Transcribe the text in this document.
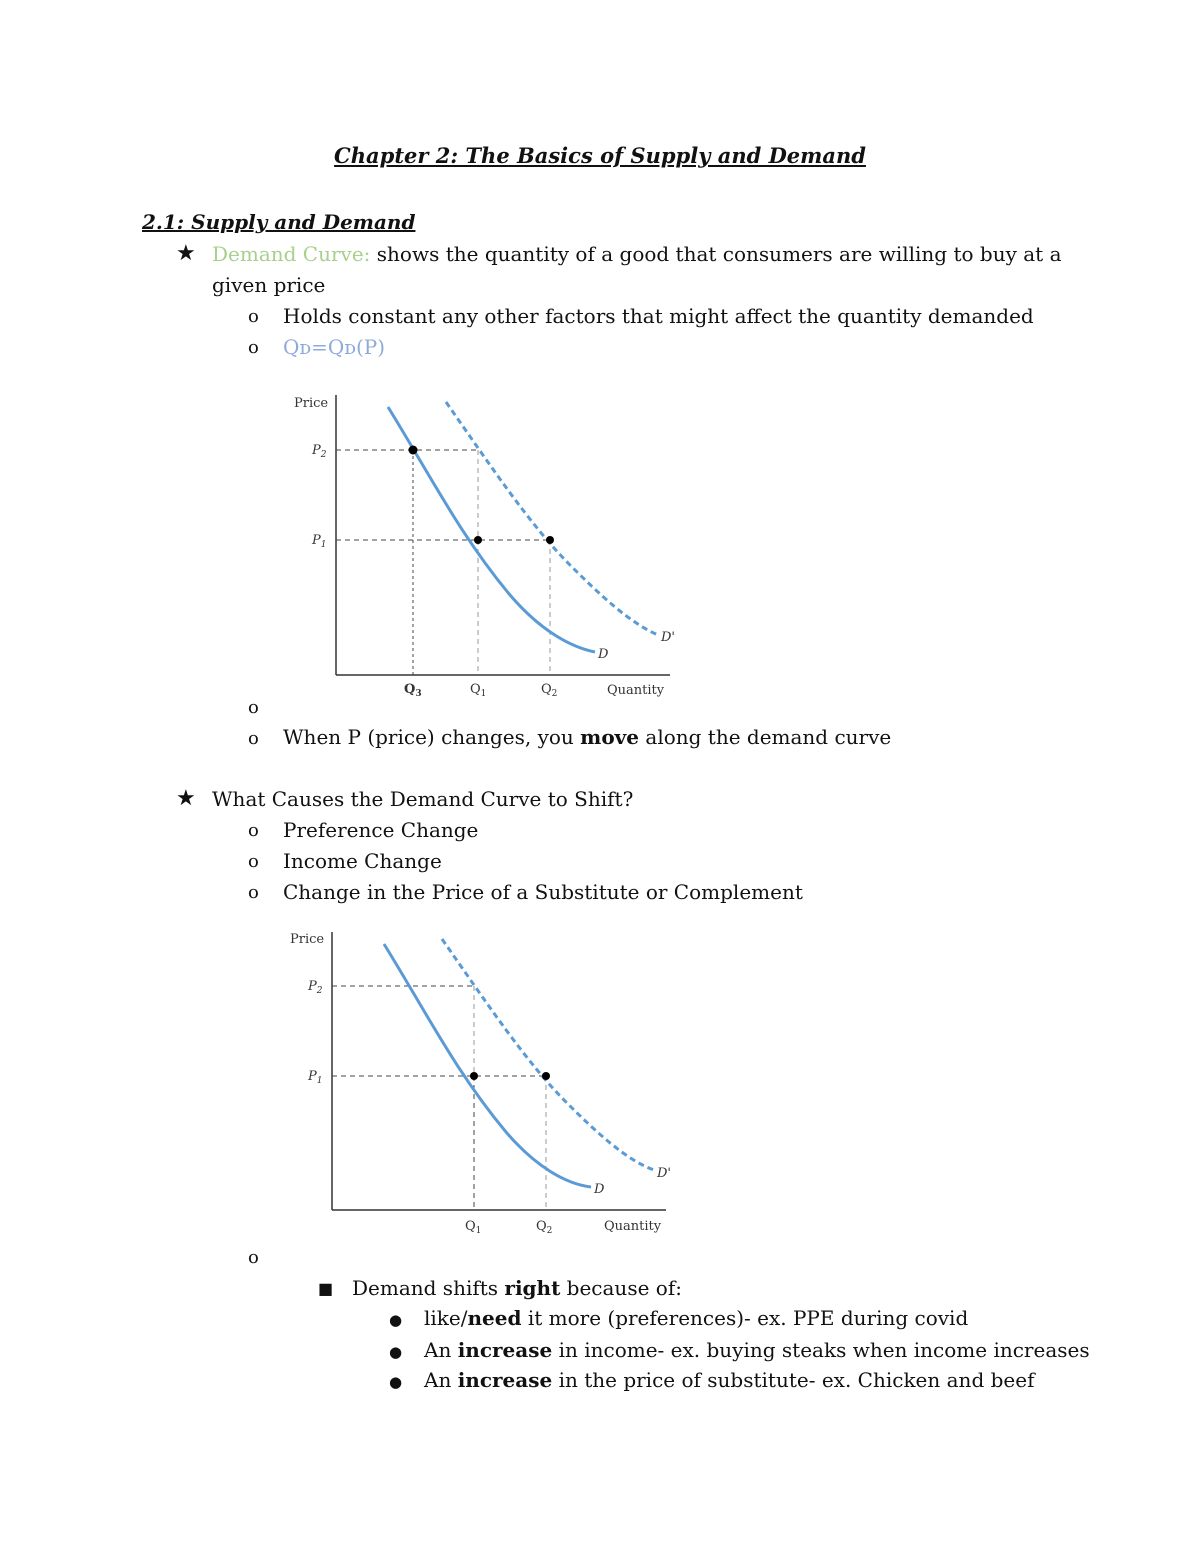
Chapter 2: The Basics of Supply and Demand
2.1: Supply and Demand
★ Demand Curve: shows the quantity of a good that consumers are willing to buy at a
given price
o Holds constant any other factors that might affect the quantity demanded
o Qᴅ=Qᴅ(P)
Price
Quantity
$P_2$
$P_1$
$Q_3$	$Q_1$	$Q_2$
D
D'
o
o When P (price) changes, you move along the demand curve
★ What Causes the Demand Curve to Shift?
o Preference Change
o Income Change
o Change in the Price of a Substitute or Complement
Price
Quantity
$P_2$
$P_1$
$Q_1$	$Q_2$
D
D'
o
■ Demand shifts right because of:
● like/need it more (preferences)- ex. PPE during covid
● An increase in income- ex. buying steaks when income increases
● An increase in the price of substitute- ex. Chicken and beef
